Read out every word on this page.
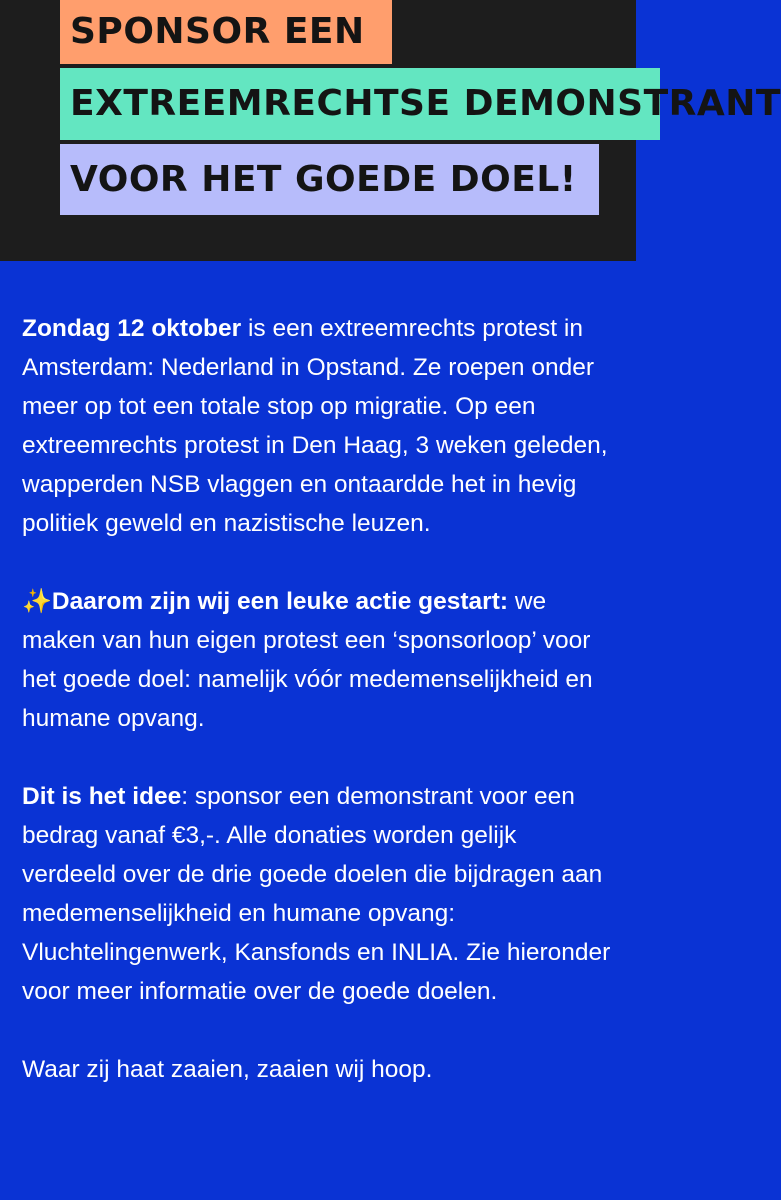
SPONSOR EEN
EXTREEMRECHTSE DEMONSTRANT
VOOR HET GOEDE DOEL!

Zondag 12 oktober is een extreemrechts protest in Amsterdam: Nederland in Opstand. Ze roepen onder meer op tot een totale stop op migratie. Op een extreemrechts protest in Den Haag, 3 weken geleden, wapperden NSB vlaggen en ontaardde het in hevig politiek geweld en nazistische leuzen.

✨Daarom zijn wij een leuke actie gestart: we maken van hun eigen protest een ‘sponsorloop’ voor het goede doel: namelijk vóór medemenselijkheid en humane opvang.

Dit is het idee: sponsor een demonstrant voor een bedrag vanaf €3,-. Alle donaties worden gelijk verdeeld over de drie goede doelen die bijdragen aan medemenselijkheid en humane opvang: Vluchtelingenwerk, Kansfonds en INLIA. Zie hieronder voor meer informatie over de goede doelen.

Waar zij haat zaaien, zaaien wij hoop.
